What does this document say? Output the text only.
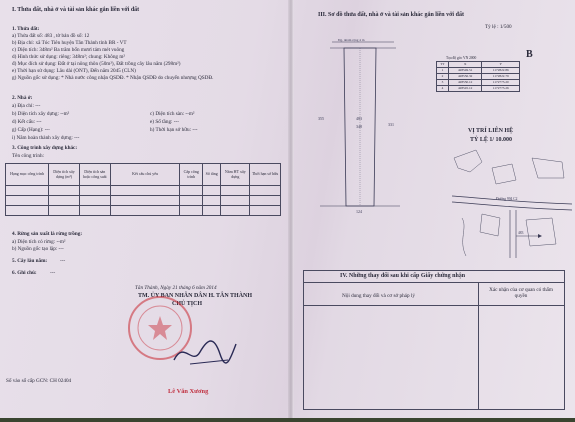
I. Thửa đất, nhà ở và tài sản khác gắn liền với đất
1. Thửa đất:
a) Thửa đất số: 483 , tờ bản đồ số: 12
b) Địa chỉ: xã Tóc Tiên huyện Tân Thành tỉnh BR - VT
c) Diện tích: 348m² Ba trăm bốn mươi tám mét vuông
d) Hình thức sử dụng: riêng: 348m²; chung: Không m²
đ) Mục đích sử dụng: Đất ở tại nông thôn (50m²), Đất trồng cây lâu năm (298m²)
e) Thời hạn sử dụng: Lâu dài (ONT), Đến năm 2045 (CLN)
g) Nguồn gốc sử dụng: * Nhà nước công nhận QSDĐ. * Nhận QSDĐ do chuyển nhượng QSDĐ.
2. Nhà ở:
a) Địa chỉ: ---
b) Diện tích xây dựng: --m²	c) Diện tích sàn: --m²
d) Kết cấu: ---	e) Số tầng: ---
g) Cấp (Hạng): ---	h) Thời hạn sở hữu: ---
i) Năm hoàn thành xây dựng: ---
3. Công trình xây dựng khác:
Tên công trình:
Hạng mục công trình	Diện tích xây dựng (m²)	Diện tích sàn hoặc công suất	Kết cấu chủ yếu	Cấp công trình	Số tầng	Năm HT xây dựng	Thời hạn sở hữu

4. Rừng sản xuất là rừng trồng:
a) Diện tích có rừng: --m²
b) Nguồn gốc tạo lập: ---
5. Cây lâu năm: ---
6. Ghi chú:	---
Tân Thành, Ngày 21 tháng 6 năm 2014
TM. ỦY BAN NHÂN DÂN H. TÂN THÀNH
CHỦ TỊCH
Lê Văn Xương
Số vào sổ cấp GCN: CH 02404
III. Sơ đồ thửa đất, nhà ở và tài sản khác gắn liền với đất
Tỷ lệ : 1/500
B
Tọa độ góc VN 2000
TT	X	Y
1	428549.51	1172822.86
2	428556.32	1172822.79
3	428550.12	1172773.20
4	428545.12	1172773.26
Đg. nhàm rộng 4 m
355
331
483
348
124
VỊ TRÍ LIÊN HỆ
TỶ LỆ 1/ 10.000
Đường 994 C2
483
IV. Những thay đổi sau khi cấp Giấy chứng nhận
Nội dung thay đổi và cơ sở pháp lý
Xác nhận của cơ quan có thẩm quyền
